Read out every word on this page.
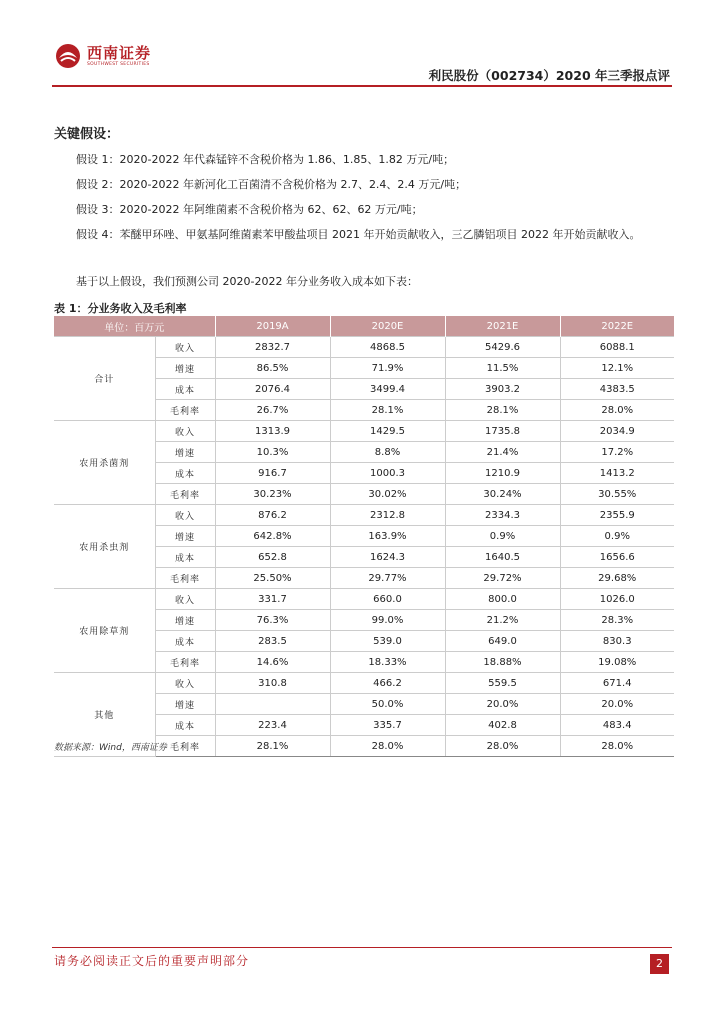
西南证券
SOUTHWEST SECURITIES
利民股份（002734）2020 年三季报点评
关键假设：
假设 1：2020-2022 年代森锰锌不含税价格为 1.86、1.85、1.82 万元/吨；
假设 2：2020-2022 年新河化工百菌清不含税价格为 2.7、2.4、2.4 万元/吨；
假设 3：2020-2022 年阿维菌素不含税价格为 62、62、62 万元/吨；
假设 4：苯醚甲环唑、甲氨基阿维菌素苯甲酸盐项目 2021 年开始贡献收入，三乙膦铝项目 2022 年开始贡献收入。
基于以上假设，我们预测公司 2020-2022 年分业务收入成本如下表：
表 1：分业务收入及毛利率
单位：百万元		2019A	2020E	2021E	2022E
合计	收入	2832.7	4868.5	5429.6	6088.1
	增速	86.5%	71.9%	11.5%	12.1%
	成本	2076.4	3499.4	3903.2	4383.5
	毛利率	26.7%	28.1%	28.1%	28.0%
农用杀菌剂	收入	1313.9	1429.5	1735.8	2034.9
	增速	10.3%	8.8%	21.4%	17.2%
	成本	916.7	1000.3	1210.9	1413.2
	毛利率	30.23%	30.02%	30.24%	30.55%
农用杀虫剂	收入	876.2	2312.8	2334.3	2355.9
	增速	642.8%	163.9%	0.9%	0.9%
	成本	652.8	1624.3	1640.5	1656.6
	毛利率	25.50%	29.77%	29.72%	29.68%
农用除草剂	收入	331.7	660.0	800.0	1026.0
	增速	76.3%	99.0%	21.2%	28.3%
	成本	283.5	539.0	649.0	830.3
	毛利率	14.6%	18.33%	18.88%	19.08%
其他	收入	310.8	466.2	559.5	671.4
	增速		50.0%	20.0%	20.0%
	成本	223.4	335.7	402.8	483.4
	毛利率	28.1%	28.0%	28.0%	28.0%
数据来源：Wind，西南证券
请务必阅读正文后的重要声明部分	2
